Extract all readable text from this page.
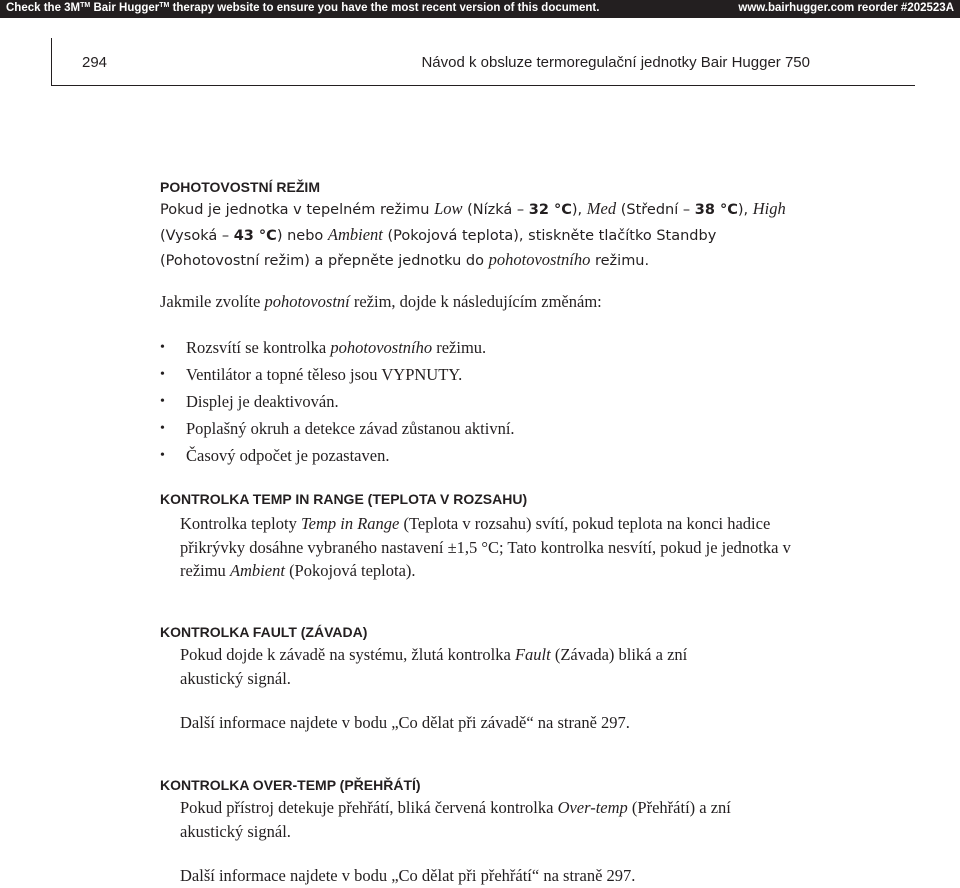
Check the 3M™ Bair Hugger™ therapy website to ensure you have the most recent version of this document.	www.bairhugger.com reorder #202523A
294	Návod k obsluze termoregulační jednotky Bair Hugger 750
POHOTOVOSTNÍ REŽIM

Pokud je jednotka v tepelném režimu Low (Nízká – 32 °C), Med (Střední – 38 °C), High (Vysoká – 43 °C) nebo Ambient (Pokojová teplota), stiskněte tlačítko Standby (Pohotovostní režim) a přepněte jednotku do pohotovostního režimu.

Jakmile zvolíte pohotovostní režim, dojde k následujícím změnám:

• Rozsvítí se kontrolka pohotovostního režimu.
• Ventilátor a topné těleso jsou VYPNUTY.
• Displej je deaktivován.
• Poplašný okruh a detekce závad zůstanou aktivní.
• Časový odpočet je pozastaven.
KONTROLKA TEMP IN RANGE (TEPLOTA V ROZSAHU)

Kontrolka teploty Temp in Range (Teplota v rozsahu) svítí, pokud teplota na konci hadice přikrývky dosáhne vybraného nastavení ±1,5 °C; Tato kontrolka nesvítí, pokud je jednotka v režimu Ambient (Pokojová teplota).

KONTROLKA FAULT (ZÁVADA)

Pokud dojde k závadě na systému, žlutá kontrolka Fault (Závada) bliká a zní akustický signál.

Další informace najdete v bodu „Co dělat při závadě“ na straně 297.

KONTROLKA OVER-TEMP (PŘEHŘÁTÍ)

Pokud přístroj detekuje přehřátí, bliká červená kontrolka Over-temp (Přehřátí) a zní akustický signál.

Další informace najdete v bodu „Co dělat při přehřátí“ na straně 297.
